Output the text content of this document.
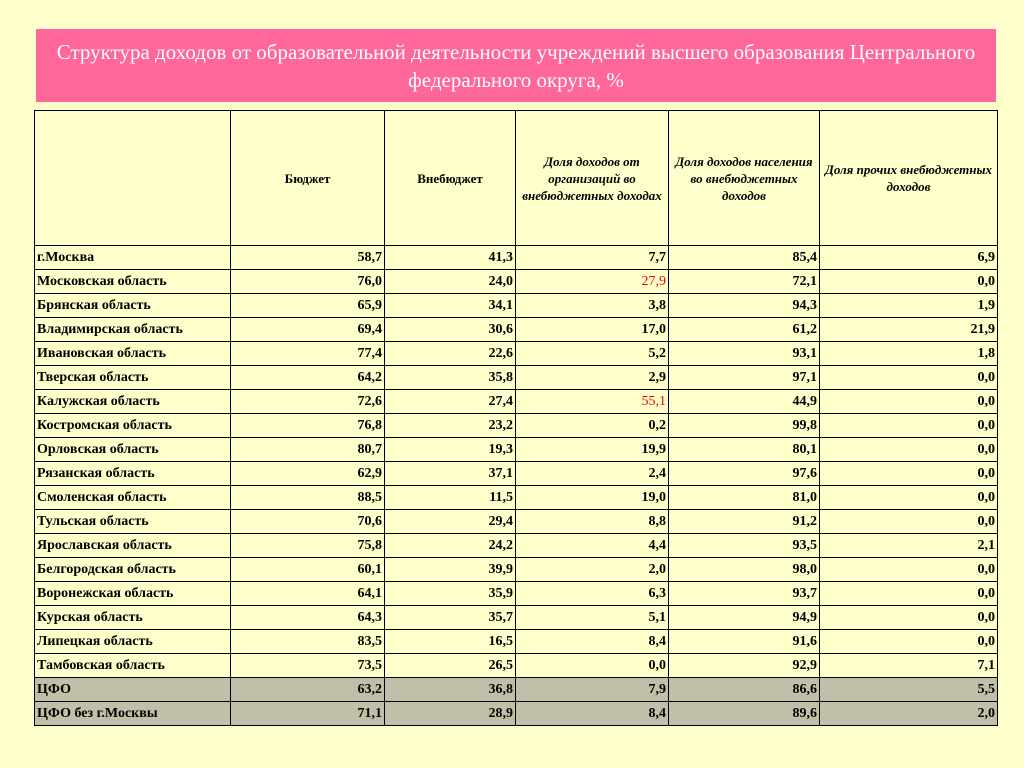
Структура доходов от образовательной деятельности учреждений высшего образования Центрального федерального округа, %
	Бюджет	Внебюджет	Доля доходов от организаций во внебюджетных доходах	Доля доходов населения во внебюджетных доходов	Доля прочих внебюджетных доходов
г.Москва	58,7	41,3	7,7	85,4	6,9
Московская область	76,0	24,0	27,9	72,1	0,0
Брянская область	65,9	34,1	3,8	94,3	1,9
Владимирская область	69,4	30,6	17,0	61,2	21,9
Ивановская область	77,4	22,6	5,2	93,1	1,8
Тверская область	64,2	35,8	2,9	97,1	0,0
Калужская область	72,6	27,4	55,1	44,9	0,0
Костромская область	76,8	23,2	0,2	99,8	0,0
Орловская область	80,7	19,3	19,9	80,1	0,0
Рязанская область	62,9	37,1	2,4	97,6	0,0
Смоленская область	88,5	11,5	19,0	81,0	0,0
Тульская область	70,6	29,4	8,8	91,2	0,0
Ярославская область	75,8	24,2	4,4	93,5	2,1
Белгородская область	60,1	39,9	2,0	98,0	0,0
Воронежская область	64,1	35,9	6,3	93,7	0,0
Курская область	64,3	35,7	5,1	94,9	0,0
Липецкая область	83,5	16,5	8,4	91,6	0,0
Тамбовская область	73,5	26,5	0,0	92,9	7,1
ЦФО	63,2	36,8	7,9	86,6	5,5
ЦФО без г.Москвы	71,1	28,9	8,4	89,6	2,0
